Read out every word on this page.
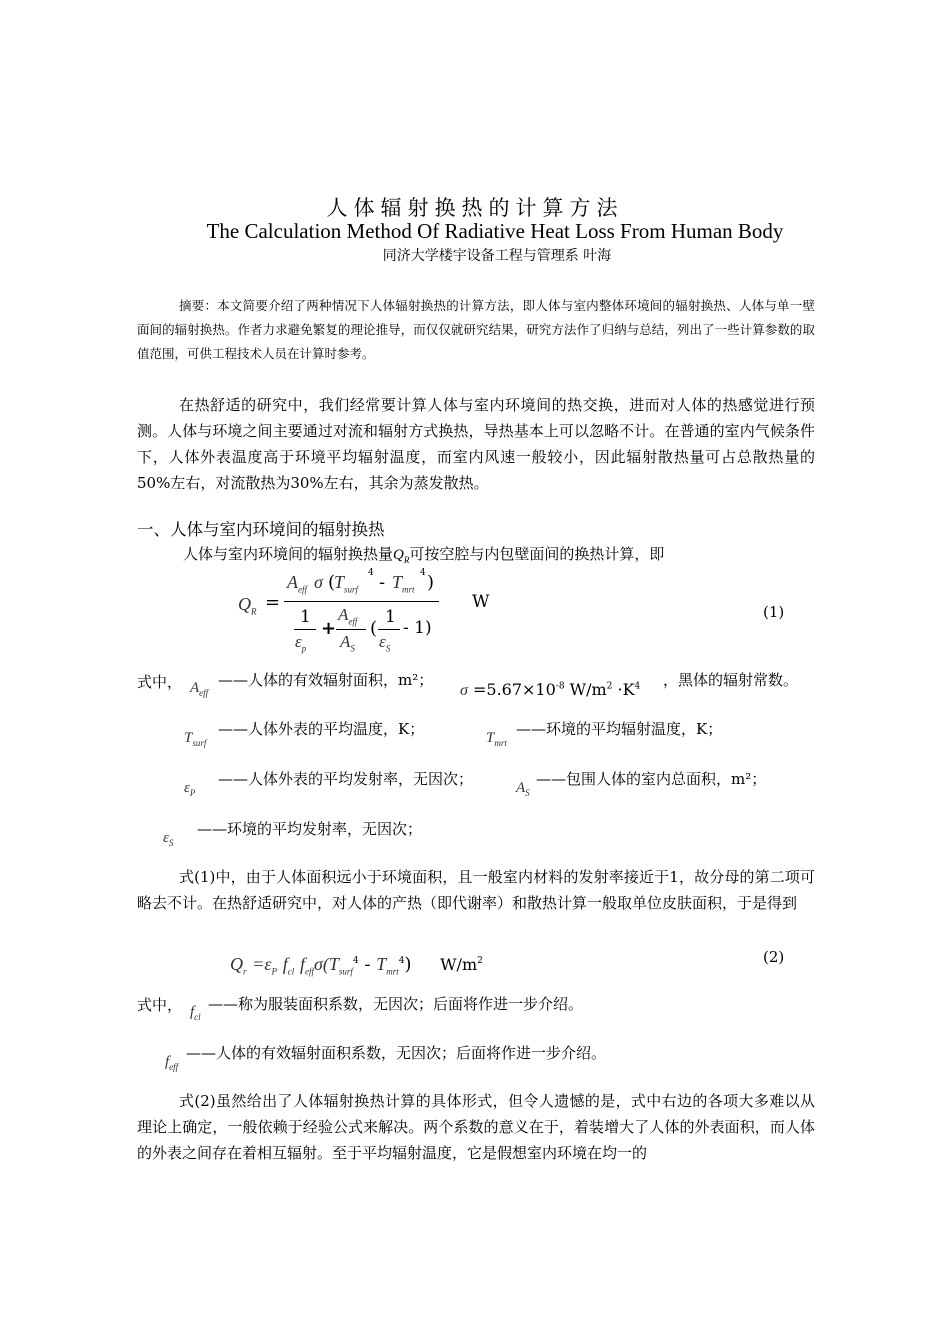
人体辐射换热的计算方法
The Calculation Method Of Radiative Heat Loss From Human Body
同济大学楼宇设备工程与管理系 叶海
摘要：本文简要介绍了两种情况下人体辐射换热的计算方法，即人体与室内整体环境间的辐射换热、人体与单一壁面间的辐射换热。作者力求避免繁复的理论推导，而仅仅就研究结果，研究方法作了归纳与总结，列出了一些计算参数的取值范围，可供工程技术人员在计算时参考。
在热舒适的研究中，我们经常要计算人体与室内环境间的热交换，进而对人体的热感觉进行预测。人体与环境之间主要通过对流和辐射方式换热，导热基本上可以忽略不计。在普通的室内气候条件下，人体外表温度高于环境平均辐射温度，而室内风速一般较小，因此辐射散热量可占总散热量的50%左右，对流散热为30%左右，其余为蒸发散热。
一、人体与室内环境间的辐射换热
人体与室内环境间的辐射换热量$Q_R$可按空腔与内包壁面间的换热计算，即
$Q_R$ =
$A_{eff}$ σ (
$T_{surf}$
$4 - T_{mrt}$
4 )
1
$\varepsilon_p$
+
$A_{eff}$
$A_S$
(
1
$\varepsilon_S$
- 1)
W	(1)
式中， $A_{eff}$
——人体的有效辐射面积，m²；
$\sigma =5.67\times 10^{-8}$ $W/m^2 \cdot K^4$ ，黑体的辐射常数。
$T_{surf}$
——人体外表的平均温度，K；	$T_{mrt}$
——环境的平均辐射温度，K；
$\varepsilon_P$
——人体外表的平均发射率，无因次；	$A_S$
——包围人体的室内总面积，m²；
$\varepsilon_S$
——环境的平均发射率，无因次；
式(1)中，由于人体面积远小于环境面积，且一般室内材料的发射率接近于1，故分母的第二项可略去不计。在热舒适研究中，对人体的产热（即代谢率）和散热计算一般取单位皮肤面积，于是得到
$Q_r =\varepsilon_P$ $f_{cl}$ $f_{eff}\sigma(T_{surf}^4 - T_{mrt}^4)$ $W/m^2$	(2)
式中， $f_{cl}$
——称为服装面积系数，无因次；后面将作进一步介绍。
$f_{eff}$
——人体的有效辐射面积系数，无因次；后面将作进一步介绍。
式(2)虽然给出了人体辐射换热计算的具体形式，但令人遗憾的是，式中右边的各项大多难以从理论上确定，一般依赖于经验公式来解决。两个系数的意义在于，着装增大了人体的外表面积，而人体的外表之间存在着相互辐射。至于平均辐射温度，它是假想室内环境在均一的
